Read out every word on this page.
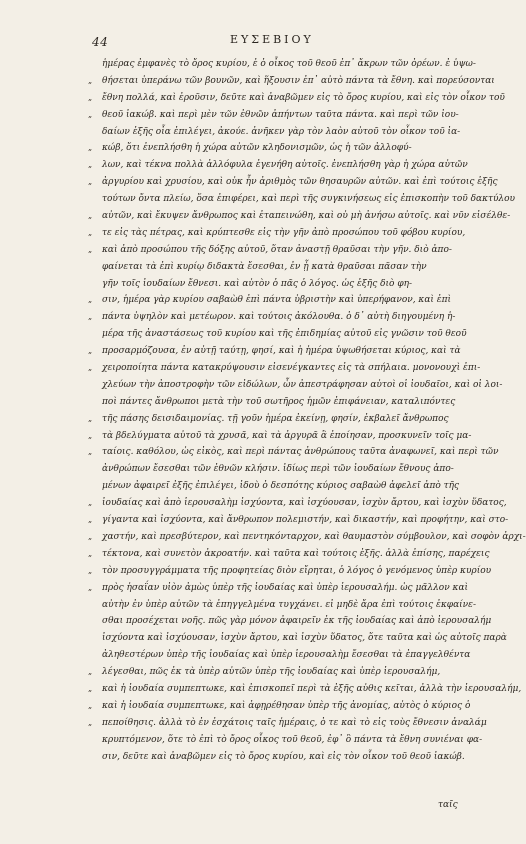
44	ΕΥΣΕΒΙΟΥ
ἡμέρας ἐμφανὲς τὸ ὄρος κυρίου, ἐ ὁ οἶκος τοῦ θεοῦ ἐπ᾽ ἄκρων τῶν ὀρέων. ἐ ὑψω-
„	θήσεται ὑπεράνω τῶν βουνῶν, καὶ ἥξουσιν ἐπ᾽ αὐτὸ πάντα τὰ ἔθνη. καὶ πορεύσονται
„	ἔθνη πολλά, καὶ ἐροῦσιν, δεῦτε καὶ ἀναβῶμεν εἰς τὸ ὄρος κυρίου, καὶ εἰς τὸν οἶκον τοῦ
„	θεοῦ ἰακώβ. καὶ περὶ μὲν τῶν ἐθνῶν ἀπήντων ταῦτα πάντα. καὶ περὶ τῶν ἰου-
δαίων ἑξῆς οἷα ἐπιλέγει, ἀκούε. ἀνῆκεν γὰρ τὸν λαὸν αὐτοῦ τὸν οἶκον τοῦ ἰα-
„	κώβ, ὅτι ἐνεπλήσθη ἡ χώρα αὐτῶν κληδονισμῶν, ὡς ἡ τῶν ἀλλοφύ-
„	λων, καὶ τέκνα πολλὰ ἀλλόφυλα ἐγενήθη αὐτοῖς. ἐνεπλήσθη γὰρ ἡ χώρα αὐτῶν
„	ἀργυρίου καὶ χρυσίου, καὶ οὐκ ἦν ἀριθμὸς τῶν θησαυρῶν αὐτῶν. καὶ ἐπὶ τούτοις ἑξῆς
τούτων ὄντα πλείω, ὅσα ἐπιφέρει, καὶ περὶ τῆς συγκινήσεως εἰς ἐπισκοπὴν τοῦ δακτύλου
„	αὐτῶν, καὶ ἔκυψεν ἄνθρωπος καὶ ἐταπεινώθη, καὶ οὐ μὴ ἀνήσω αὐτοῖς. καὶ νῦν εἰσέλθε-
„	τε εἰς τὰς πέτρας, καὶ κρύπτεσθε εἰς τὴν γῆν ἀπὸ προσώπου τοῦ φόβου κυρίου,
„	καὶ ἀπὸ προσώπου τῆς δόξης αὐτοῦ, ὅταν ἀναστῇ θραῦσαι τὴν γῆν. διὸ ἀπο-
φαίνεται τὰ ἐπὶ κυρίῳ διδακτὰ ἔσεσθαι, ἐν ᾗ κατὰ θραῦσαι πᾶσαν τὴν
γῆν τοῖς ἰουδαίων ἔθνεσι. καὶ αὐτὸν ὁ πᾶς ὁ λόγος. ὡς ἑξῆς διὸ φη-
„	σιν, ἡμέρα γὰρ κυρίου σαβαὼθ ἐπὶ πάντα ὑβριστὴν καὶ ὑπερήφανον, καὶ ἐπὶ
„	πάντα ὑψηλὸν καὶ μετέωρον. καὶ τούτοις ἀκόλουθα. ὁ δ᾽ αὐτὴ διηγουμένη ἡ-
μέρα τῆς ἀναστάσεως τοῦ κυρίου καὶ τῆς ἐπιδημίας αὐτοῦ εἰς γνῶσιν τοῦ θεοῦ
„	προσαρμόζουσα, ἐν αὐτῇ ταύτῃ, φησί, καὶ ἡ ἡμέρα ὑψωθήσεται κύριος, καὶ τὰ
„	χειροποίητα πάντα κατακρύψουσιν εἰσενέγκαντες εἰς τὰ σπήλαια. μονονουχὶ ἐπι-
χλεύων τὴν ἀποστροφὴν τῶν εἰδώλων, ὧν ἀπεστράφησαν αὐτοὶ οἱ ἰουδαῖοι, καὶ οἱ λοι-
ποὶ πάντες ἄνθρωποι μετὰ τὴν τοῦ σωτῆρος ἡμῶν ἐπιφάνειαν, καταλιπόντες
„	τῆς πάσης δεισιδαιμονίας. τῇ γοῦν ἡμέρα ἐκείνῃ, φησίν, ἐκβαλεῖ ἄνθρωπος
„	τὰ βδελύγματα αὐτοῦ τὰ χρυσᾶ, καὶ τὰ ἀργυρᾶ ἃ ἐποίησαν, προσκυνεῖν τοῖς μα-
„	ταίοις. καθόλου, ὡς εἰκὸς, καὶ περὶ πάντας ἀνθρώπους ταῦτα ἀναφωνεῖ, καὶ περὶ τῶν
ἀνθρώπων ἔσεσθαι τῶν ἐθνῶν κλήσιν. ἰδίως περὶ τῶν ἰουδαίων ἔθνους ἀπο-
μένων ἀφαιρεῖ ἐξῆς ἐπιλέγει, ἰδοὺ ὁ δεσπότης κύριος σαβαὼθ ἀφελεῖ ἀπὸ τῆς
„	ἰουδαίας καὶ ἀπὸ ἱερουσαλὴμ ἰσχύοντα, καὶ ἰσχύουσαν, ἰσχὺν ἄρτου, καὶ ἰσχὺν ὕδατος,
„	γίγαντα καὶ ἰσχύοντα, καὶ ἄνθρωπον πολεμιστήν, καὶ δικαστήν, καὶ προφήτην, καὶ στο-
„	χαστήν, καὶ πρεσβύτερον, καὶ πεντηκόνταρχον, καὶ θαυμαστὸν σύμβουλον, καὶ σοφὸν ἀρχι-
„	τέκτονα, καὶ συνετὸν ἀκροατήν. καὶ ταῦτα καὶ τούτοις ἑξῆς. ἀλλὰ ἐπίσης, παρέχεις
„	τὸν προσυγγράμματα τῆς προφητείας διὸν εἴρηται, ὁ λόγος ὁ γενόμενος ὑπὲρ κυρίου
„	πρὸς ἡσαΐαν υἱὸν ἀμὼς ὑπὲρ τῆς ἰουδαίας καὶ ὑπὲρ ἱερουσαλήμ. ὡς μᾶλλον καὶ
αὐτὴν ἐν ὑπὲρ αὐτῶν τὰ ἐπηγγελμένα τυγχάνει. εἰ μηδὲ ἄρα ἐπὶ τούτοις ἐκφαίνε-
σθαι προσέχεται νοῆς. πῶς γὰρ μόνον ἀφαιρεῖν ἐκ τῆς ἰουδαίας καὶ ἀπὸ ἱερουσαλήμ
ἰσχύοντα καὶ ἰσχύουσαν, ἰσχὺν ἄρτου, καὶ ἰσχὺν ὕδατος, ὅτε ταῦτα καὶ ὡς αὐτοῖς παρὰ
ἀληθεστέρων ὑπὲρ τῆς ἰουδαίας καὶ ὑπὲρ ἱερουσαλὴμ ἔσεσθαι τὰ ἐπαγγελθέντα
„	λέγεσθαι, πῶς ἐκ τὰ ὑπὲρ αὐτῶν ὑπὲρ τῆς ἰουδαίας καὶ ὑπὲρ ἱερουσαλήμ,
„	καὶ ἡ ἰουδαία συμπεπτωκε, καὶ ἐπισκοπεῖ περὶ τὰ ἑξῆς αὐθις κεῖται, ἀλλὰ τὴν ἱερουσαλήμ,
„	καὶ ἡ ἰουδαία συμπεπτωκε, καὶ ἀφῃρέθησαν ὑπὲρ τῆς ἀνομίας, αὐτὸς ὁ κύριος ὁ
„	πεποίθησις. ἀλλὰ τὸ ἐν ἐσχάτοις ταῖς ἡμέραις, ὁ τε καὶ τὸ εἰς τοὺς ἔθνεσιν ἀναλάμ
κρυπτόμενον, ὅτε τὸ ἐπὶ τὸ ὄρος οἶκος τοῦ θεοῦ, ἐφ᾽ ὃ πάντα τὰ ἔθνη συνιέναι φα-
σιν, δεῦτε καὶ ἀναβῶμεν εἰς τὸ ὄρος κυρίου, καὶ εἰς τὸν οἶκον τοῦ θεοῦ ἰακώβ.
ταῖς
